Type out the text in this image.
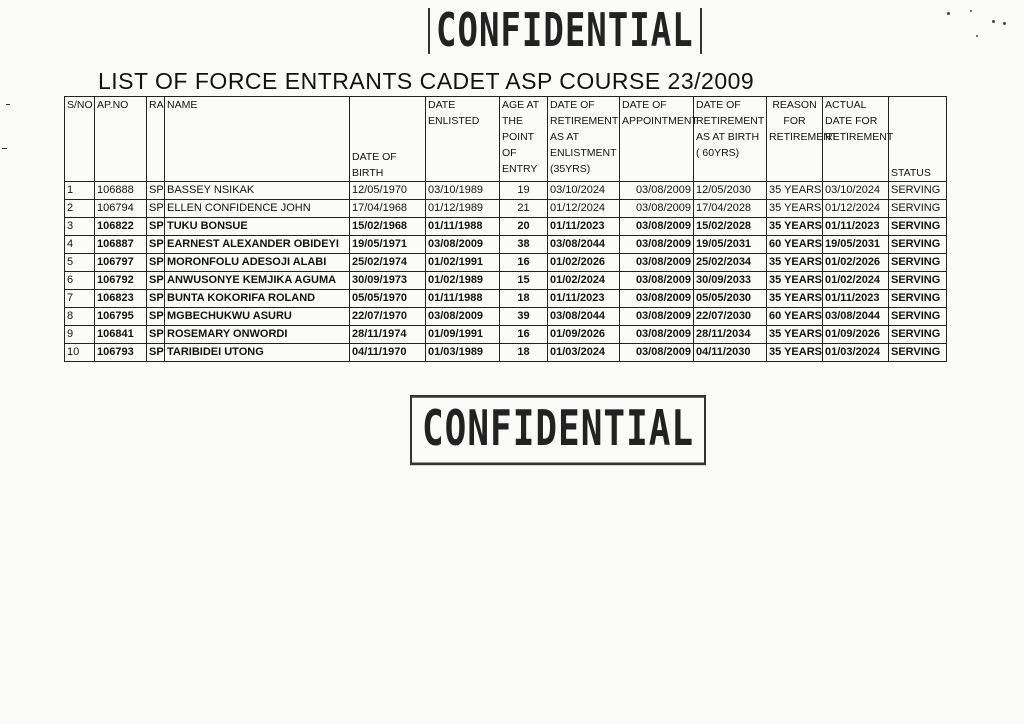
CONFIDENTIAL
LIST OF FORCE ENTRANTS CADET ASP COURSE 23/2009
S/NO	AP.NO	RA	NAME	DATE OF BIRTH	DATE ENLISTED	AGE AT THE POINT OF ENTRY	DATE OF RETIREMENT AS AT ENLISTMENT (35YRS)	DATE OF APPOINTMENT	DATE OF RETIREMENT AS AT BIRTH ( 60YRS)	REASON FOR RETIREMENT	ACTUAL DATE FOR RETIREMENT	STATUS
1	106888	SP	BASSEY NSIKAK	12/05/1970	03/10/1989	19	03/10/2024	03/08/2009	12/05/2030	35 YEARS	03/10/2024	SERVING
2	106794	SP	ELLEN CONFIDENCE JOHN	17/04/1968	01/12/1989	21	01/12/2024	03/08/2009	17/04/2028	35 YEARS	01/12/2024	SERVING
3	106822	SP	TUKU BONSUE	15/02/1968	01/11/1988	20	01/11/2023	03/08/2009	15/02/2028	35 YEARS	01/11/2023	SERVING
4	106887	SP	EARNEST ALEXANDER OBIDEYI	19/05/1971	03/08/2009	38	03/08/2044	03/08/2009	19/05/2031	60 YEARS	19/05/2031	SERVING
5	106797	SP	MORONFOLU ADESOJI ALABI	25/02/1974	01/02/1991	16	01/02/2026	03/08/2009	25/02/2034	35 YEARS	01/02/2026	SERVING
6	106792	SP	ANWUSONYE KEMJIKA AGUMA	30/09/1973	01/02/1989	15	01/02/2024	03/08/2009	30/09/2033	35 YEARS	01/02/2024	SERVING
7	106823	SP	BUNTA KOKORIFA ROLAND	05/05/1970	01/11/1988	18	01/11/2023	03/08/2009	05/05/2030	35 YEARS	01/11/2023	SERVING
8	106795	SP	MGBECHUKWU ASURU	22/07/1970	03/08/2009	39	03/08/2044	03/08/2009	22/07/2030	60 YEARS	03/08/2044	SERVING
9	106841	SP	ROSEMARY ONWORDI	28/11/1974	01/09/1991	16	01/09/2026	03/08/2009	28/11/2034	35 YEARS	01/09/2026	SERVING
10	106793	SP	TARIBIDEI UTONG	04/11/1970	01/03/1989	18	01/03/2024	03/08/2009	04/11/2030	35 YEARS	01/03/2024	SERVING
CONFIDENTIAL
